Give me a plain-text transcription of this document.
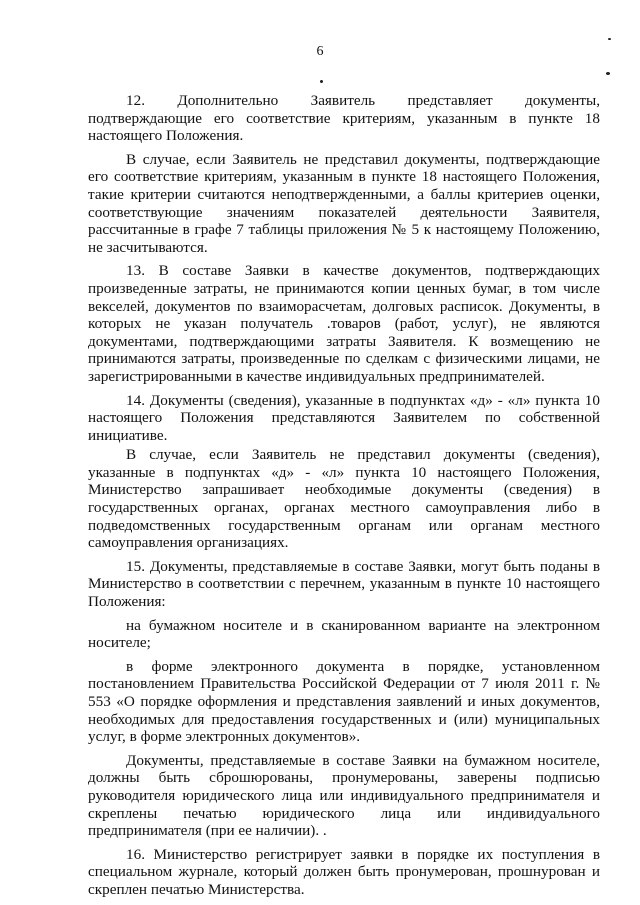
6

12. Дополнительно Заявитель представляет документы, подтверждающие его соответствие критериям, указанным в пункте 18 настоящего Положения.

В случае, если Заявитель не представил документы, подтверждающие его соответствие критериям, указанным в пункте 18 настоящего Положения, такие критерии считаются неподтвержденными, а баллы критериев оценки, соответствующие значениям показателей деятельности Заявителя, рассчитанные в графе 7 таблицы приложения № 5 к настоящему Положению, не засчитываются.

13. В составе Заявки в качестве документов, подтверждающих произведенные затраты, не принимаются копии ценных бумаг, в том числе векселей, документов по взаиморасчетам, долговых расписок. Документы, в которых не указан получатель .товаров (работ, услуг), не являются документами, подтверждающими затраты Заявителя. К возмещению не принимаются затраты, произведенные по сделкам с физическими лицами, не зарегистрированными в качестве индивидуальных предпринимателей.

14. Документы (сведения), указанные в подпунктах «д» - «л» пункта 10 настоящего Положения представляются Заявителем по собственной инициативе.

В случае, если Заявитель не представил документы (сведения), указанные в подпунктах «д» - «л» пункта 10 настоящего Положения, Министерство запрашивает необходимые документы (сведения) в государственных органах, органах местного самоуправления либо в подведомственных государственным органам или органам местного самоуправления организациях.

15. Документы, представляемые в составе Заявки, могут быть поданы в Министерство в соответствии с перечнем, указанным в пункте 10 настоящего Положения:

на бумажном носителе и в сканированном варианте на электронном носителе;

в форме электронного документа в порядке, установленном постановлением Правительства Российской Федерации от 7 июля 2011 г. № 553 «О порядке оформления и представления заявлений и иных документов, необходимых для предоставления государственных и (или) муниципальных услуг, в форме электронных документов».

Документы, представляемые в составе Заявки на бумажном носителе, должны быть сброшюрованы, пронумерованы, заверены подписью руководителя юридического лица или индивидуального предпринимателя и скреплены печатью юридического лица или индивидуального предпринимателя (при ее наличии). .

16. Министерство регистрирует заявки в порядке их поступления в специальном журнале, который должен быть пронумерован, прошнурован и скреплен печатью Министерства.
